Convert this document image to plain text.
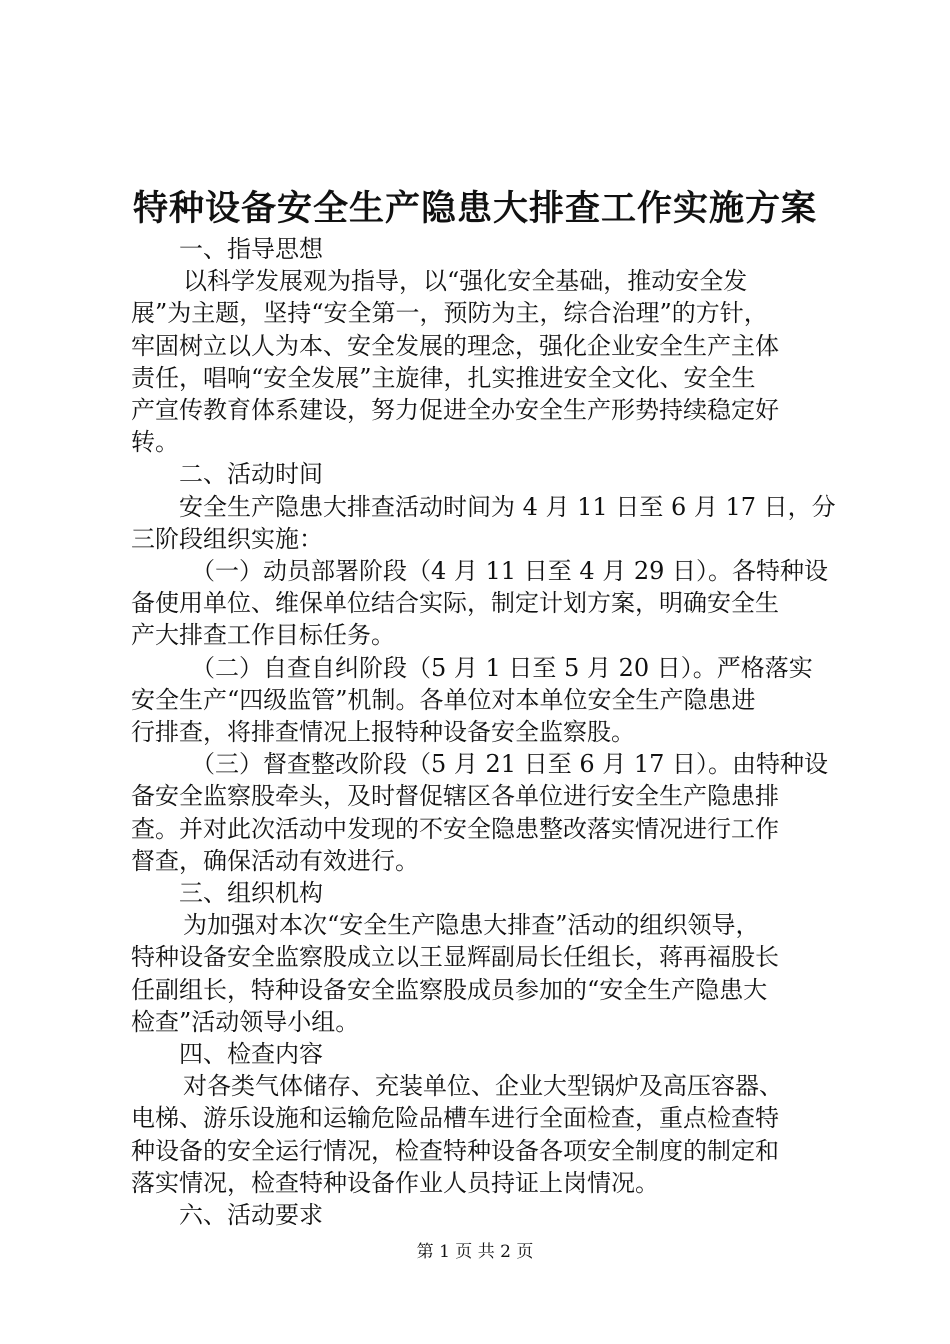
特种设备安全生产隐患大排查工作实施方案
一、指导思想
以科学发展观为指导，以“强化安全基础，推动安全发
展”为主题，坚持“安全第一，预防为主，综合治理”的方针，
牢固树立以人为本、安全发展的理念，强化企业安全生产主体
责任，唱响“安全发展”主旋律，扎实推进安全文化、安全生
产宣传教育体系建设，努力促进全办安全生产形势持续稳定好
转。
二、活动时间
安全生产隐患大排查活动时间为 4 月 11 日至 6 月 17 日，分
三阶段组织实施：
（一）动员部署阶段（4 月 11 日至 4 月 29 日）。各特种设
备使用单位、维保单位结合实际，制定计划方案，明确安全生
产大排查工作目标任务。
（二）自查自纠阶段（5 月 1 日至 5 月 20 日）。严格落实
安全生产“四级监管”机制。各单位对本单位安全生产隐患进
行排查，将排查情况上报特种设备安全监察股。
（三）督查整改阶段（5 月 21 日至 6 月 17 日）。由特种设
备安全监察股牵头，及时督促辖区各单位进行安全生产隐患排
查。并对此次活动中发现的不安全隐患整改落实情况进行工作
督查，确保活动有效进行。
三、组织机构
为加强对本次“安全生产隐患大排查”活动的组织领导，
特种设备安全监察股成立以王显辉副局长任组长，蒋再福股长
任副组长，特种设备安全监察股成员参加的“安全生产隐患大
检查”活动领导小组。
四、检查内容
对各类气体储存、充装单位、企业大型锅炉及高压容器、
电梯、游乐设施和运输危险品槽车进行全面检查，重点检查特
种设备的安全运行情况，检查特种设备各项安全制度的制定和
落实情况，检查特种设备作业人员持证上岗情况。
六、活动要求
第 1 页 共 2 页
